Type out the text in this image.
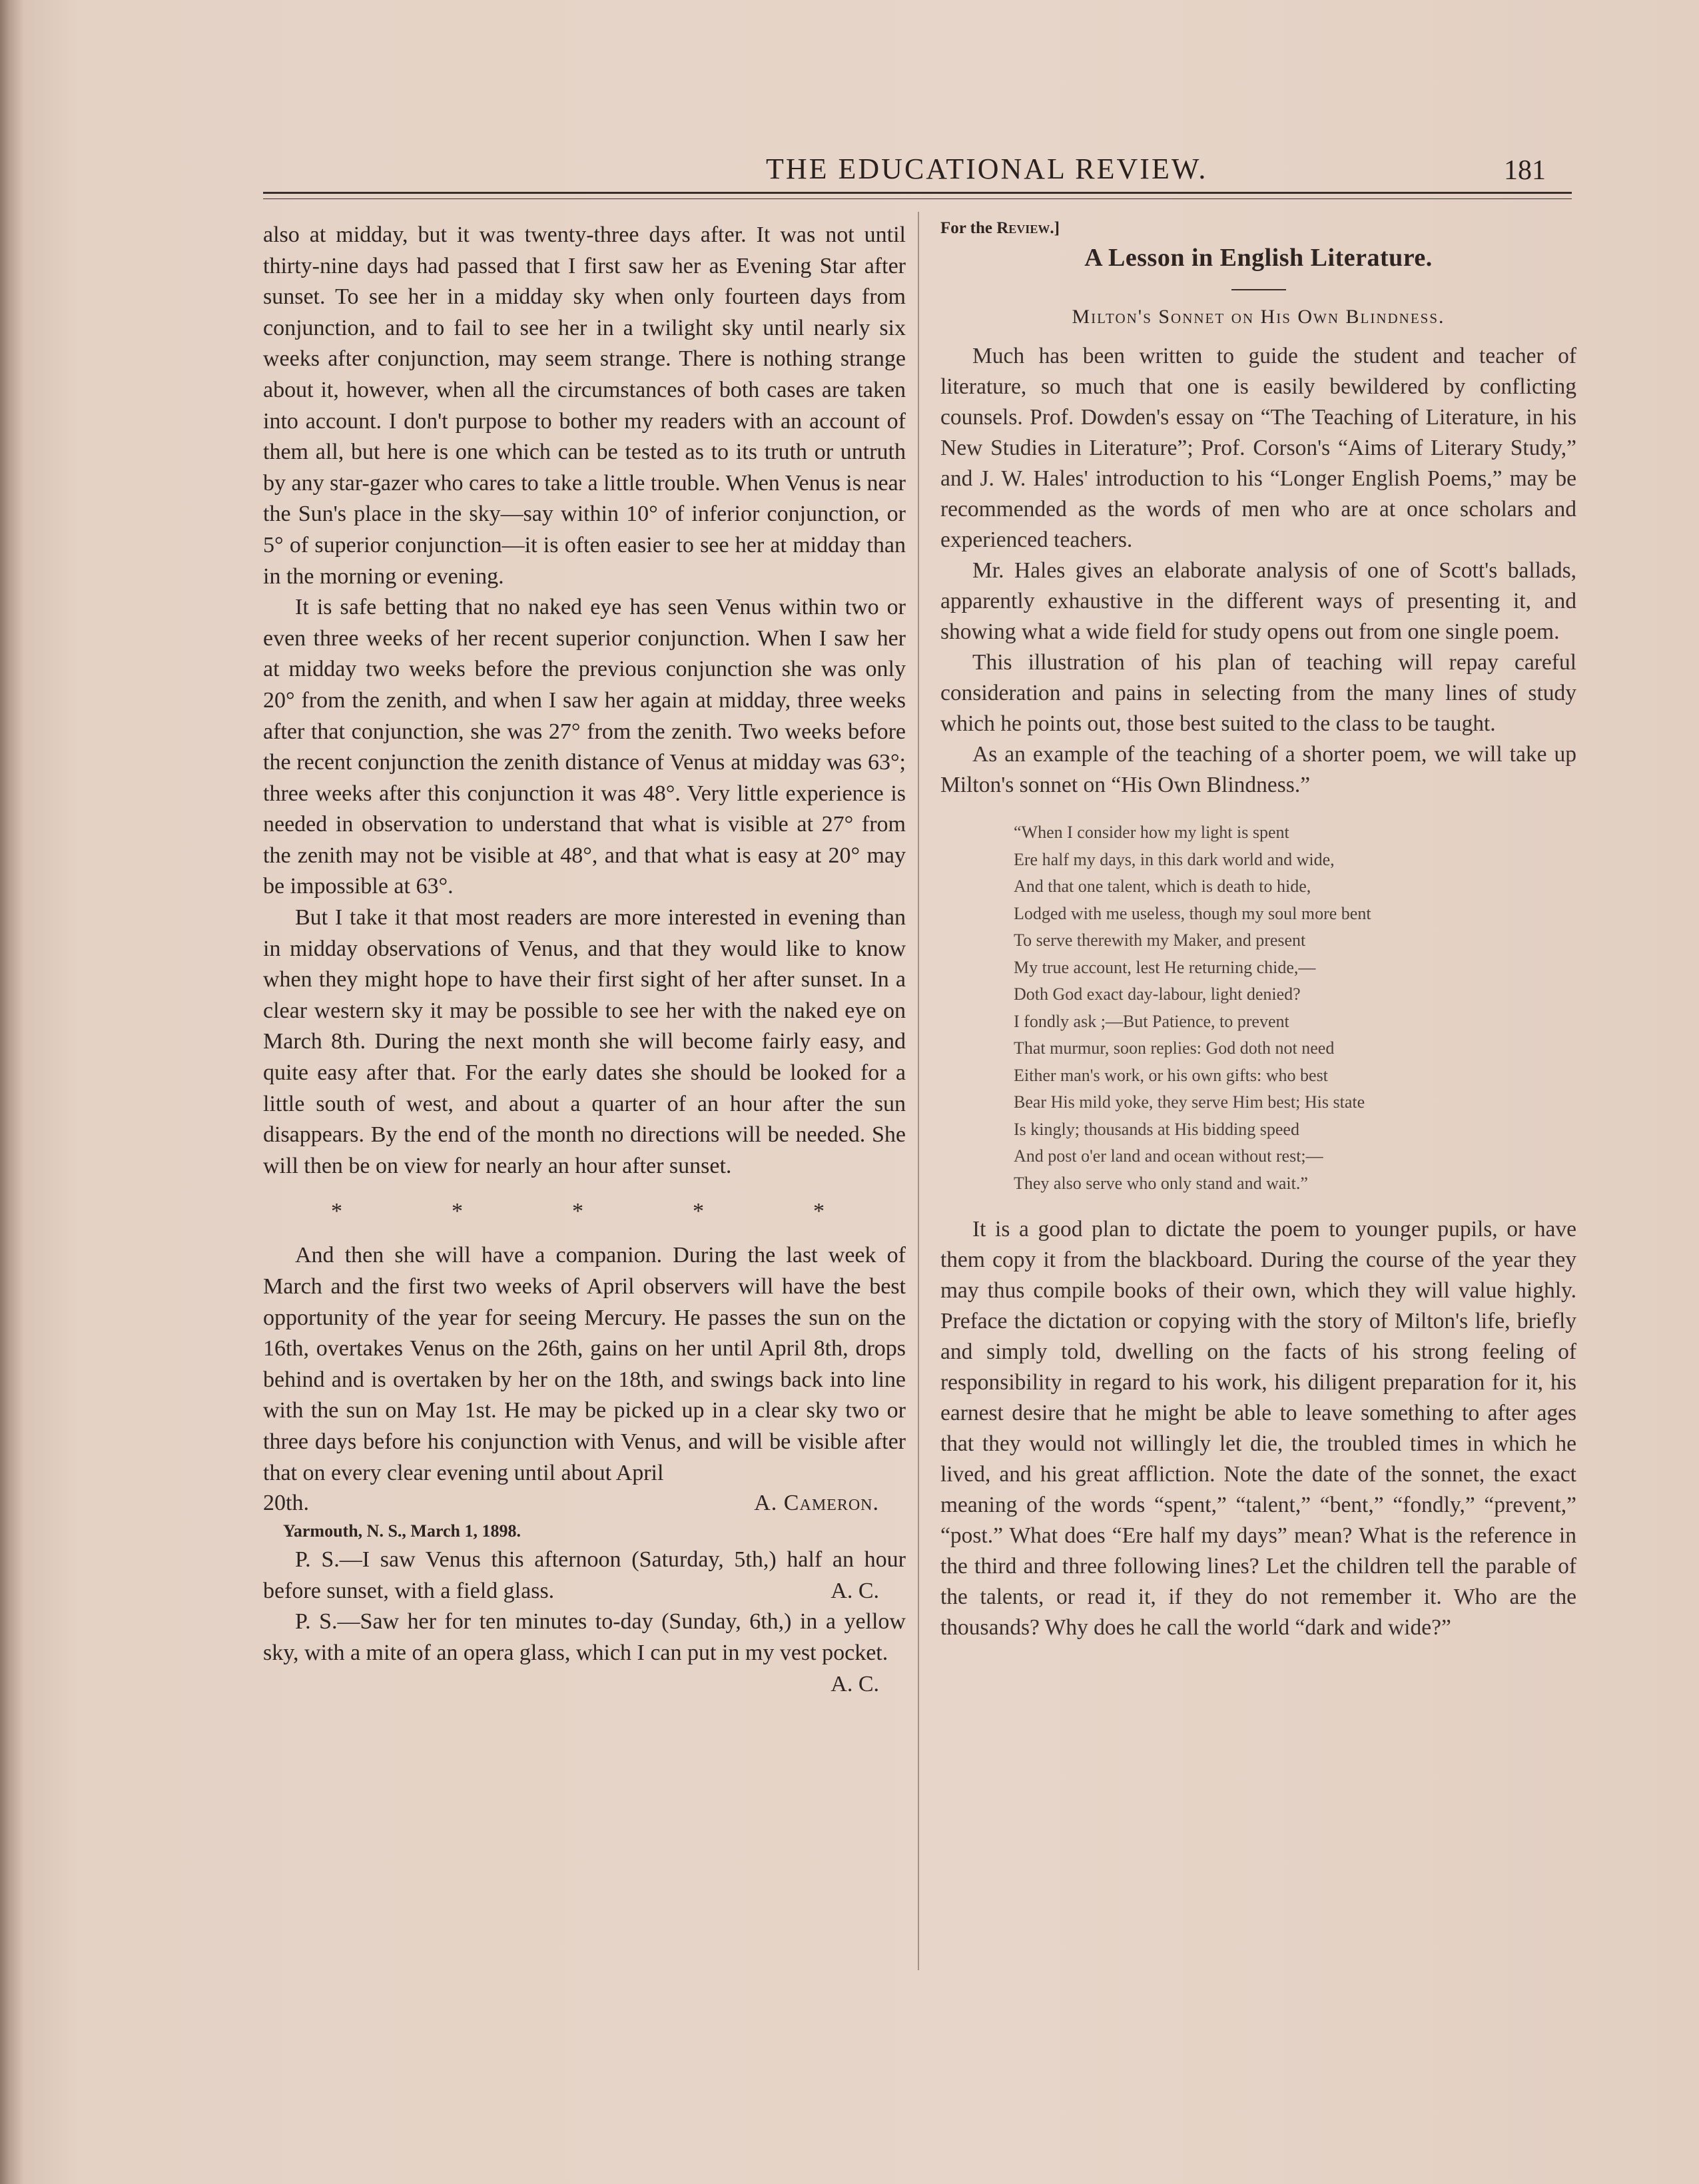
THE EDUCATIONAL REVIEW.	181

also at midday, but it was twenty-three days after. It was not until thirty-nine days had passed that I first saw her as Evening Star after sunset. To see her in a midday sky when only fourteen days from conjunction, and to fail to see her in a twilight sky until nearly six weeks after conjunction, may seem strange. There is nothing strange about it, however, when all the circumstances of both cases are taken into account. I don't purpose to bother my readers with an account of them all, but here is one which can be tested as to its truth or untruth by any star-gazer who cares to take a little trouble. When Venus is near the Sun's place in the sky—say within 10° of inferior conjunction, or 5° of superior conjunction—it is often easier to see her at midday than in the morning or evening.

It is safe betting that no naked eye has seen Venus within two or even three weeks of her recent superior conjunction. When I saw her at midday two weeks before the previous conjunction she was only 20° from the zenith, and when I saw her again at midday, three weeks after that conjunction, she was 27° from the zenith. Two weeks before the recent conjunction the zenith distance of Venus at midday was 63°; three weeks after this conjunction it was 48°. Very little experience is needed in observation to understand that what is visible at 27° from the zenith may not be visible at 48°, and that what is easy at 20° may be impossible at 63°.

But I take it that most readers are more interested in evening than in midday observations of Venus, and that they would like to know when they might hope to have their first sight of her after sunset. In a clear western sky it may be possible to see her with the naked eye on March 8th. During the next month she will become fairly easy, and quite easy after that. For the early dates she should be looked for a little south of west, and about a quarter of an hour after the sun disappears. By the end of the month no directions will be needed. She will then be on view for nearly an hour after sunset.

*	*	*	*	*

And then she will have a companion. During the last week of March and the first two weeks of April observers will have the best opportunity of the year for seeing Mercury. He passes the sun on the 16th, overtakes Venus on the 26th, gains on her until April 8th, drops behind and is overtaken by her on the 18th, and swings back into line with the sun on May 1st. He may be picked up in a clear sky two or three days before his conjunction with Venus, and will be visible after that on every clear evening until about April

20th.	A. Cameron.
Yarmouth, N. S., March 1, 1898.

P. S.—I saw Venus this afternoon (Saturday, 5th,) half an hour before sunset, with a field glass.	A. C.

P. S.—Saw her for ten minutes to-day (Sunday, 6th,) in a yellow sky, with a mite of an opera glass, which I can put in my vest pocket.
A. C.

For the Review.]
A Lesson in English Literature.
Milton's Sonnet on His Own Blindness.

Much has been written to guide the student and teacher of literature, so much that one is easily bewildered by conflicting counsels. Prof. Dowden's essay on “The Teaching of Literature, in his New Studies in Literature”; Prof. Corson's “Aims of Literary Study,” and J. W. Hales' introduction to his “Longer English Poems,” may be recommended as the words of men who are at once scholars and experienced teachers.

Mr. Hales gives an elaborate analysis of one of Scott's ballads, apparently exhaustive in the different ways of presenting it, and showing what a wide field for study opens out from one single poem.

This illustration of his plan of teaching will repay careful consideration and pains in selecting from the many lines of study which he points out, those best suited to the class to be taught.

As an example of the teaching of a shorter poem, we will take up Milton's sonnet on “His Own Blindness.”

“When I consider how my light is spent
Ere half my days, in this dark world and wide,
And that one talent, which is death to hide,
Lodged with me useless, though my soul more bent
To serve therewith my Maker, and present
My true account, lest He returning chide,—
Doth God exact day-labour, light denied?
I fondly ask ;—But Patience, to prevent
That murmur, soon replies: God doth not need
Either man's work, or his own gifts: who best
Bear His mild yoke, they serve Him best; His state
Is kingly; thousands at His bidding speed
And post o'er land and ocean without rest;—
They also serve who only stand and wait.”

It is a good plan to dictate the poem to younger pupils, or have them copy it from the blackboard. During the course of the year they may thus compile books of their own, which they will value highly. Preface the dictation or copying with the story of Milton's life, briefly and simply told, dwelling on the facts of his strong feeling of responsibility in regard to his work, his diligent preparation for it, his earnest desire that he might be able to leave something to after ages that they would not willingly let die, the troubled times in which he lived, and his great affliction. Note the date of the sonnet, the exact meaning of the words “spent,” “talent,” “bent,” “fondly,” “prevent,” “post.” What does “Ere half my days” mean? What is the reference in the third and three following lines? Let the children tell the parable of the talents, or read it, if they do not remember it. Who are the thousands? Why does he call the world “dark and wide?”
